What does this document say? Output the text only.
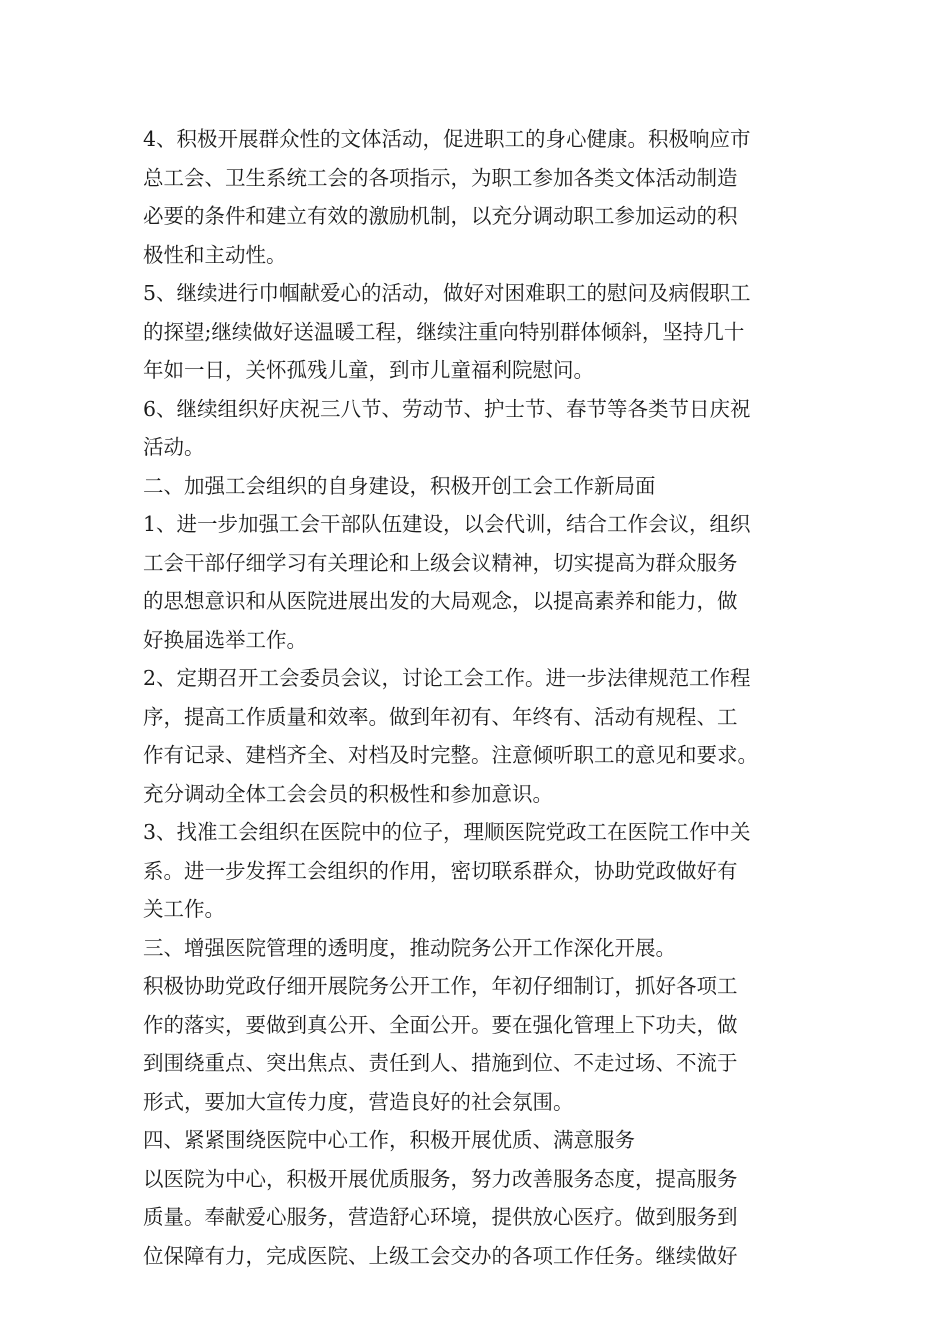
4、积极开展群众性的文体活动，促进职工的身心健康。积极响应市
总工会、卫生系统工会的各项指示，为职工参加各类文体活动制造
必要的条件和建立有效的激励机制，以充分调动职工参加运动的积
极性和主动性。
5、继续进行巾帼献爱心的活动，做好对困难职工的慰问及病假职工
的探望;继续做好送温暖工程，继续注重向特别群体倾斜，坚持几十
年如一日，关怀孤残儿童，到市儿童福利院慰问。
6、继续组织好庆祝三八节、劳动节、护士节、春节等各类节日庆祝
活动。
二、加强工会组织的自身建设，积极开创工会工作新局面
1、进一步加强工会干部队伍建设，以会代训，结合工作会议，组织
工会干部仔细学习有关理论和上级会议精神，切实提高为群众服务
的思想意识和从医院进展出发的大局观念，以提高素养和能力，做
好换届选举工作。
2、定期召开工会委员会议，讨论工会工作。进一步法律规范工作程
序，提高工作质量和效率。做到年初有、年终有、活动有规程、工
作有记录、建档齐全、对档及时完整。注意倾听职工的意见和要求。
充分调动全体工会会员的积极性和参加意识。
3、找准工会组织在医院中的位子，理顺医院党政工在医院工作中关
系。进一步发挥工会组织的作用，密切联系群众，协助党政做好有
关工作。
三、增强医院管理的透明度，推动院务公开工作深化开展。
积极协助党政仔细开展院务公开工作，年初仔细制订，抓好各项工
作的落实，要做到真公开、全面公开。要在强化管理上下功夫，做
到围绕重点、突出焦点、责任到人、措施到位、不走过场、不流于
形式，要加大宣传力度，营造良好的社会氛围。
四、紧紧围绕医院中心工作，积极开展优质、满意服务
以医院为中心，积极开展优质服务，努力改善服务态度，提高服务
质量。奉献爱心服务，营造舒心环境，提供放心医疗。做到服务到
位保障有力，完成医院、上级工会交办的各项工作任务。继续做好
